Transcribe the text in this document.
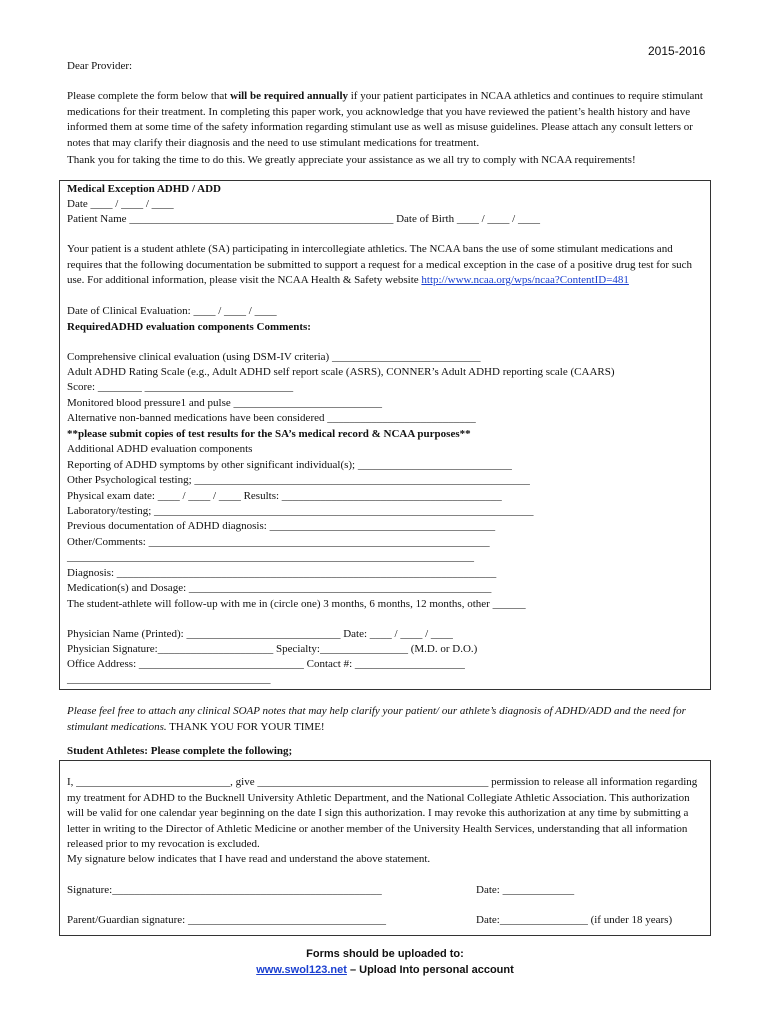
2015-2016
Dear Provider:
Please complete the form below that will be required annually if your patient participates in NCAA athletics and continues to require stimulant medications for their treatment. In completing this paper work, you acknowledge that you have reviewed the patient’s health history and have informed them at some time of the safety information regarding stimulant use as well as misuse guidelines. Please attach any consult letters or notes that may clarify their diagnosis and the need to use stimulant medications for treatment.
Thank you for taking the time to do this. We greatly appreciate your assistance as we all try to comply with NCAA requirements!
Medical Exception ADHD / ADD
Date ____ / ____ / ____
Patient Name ________________________________________________ Date of Birth ____ / ____ / ____
Your patient is a student athlete (SA) participating in intercollegiate athletics. The NCAA bans the use of some stimulant medications and requires that the following documentation be submitted to support a request for a medical exception in the case of a positive drug test for such use. For additional information, please visit the NCAA Health & Safety website http://www.ncaa.org/wps/ncaa?ContentID=481
Date of Clinical Evaluation: ____ / ____ / ____
RequiredADHD evaluation components Comments:
Comprehensive clinical evaluation (using DSM-IV criteria) ___________________________
Adult ADHD Rating Scale (e.g., Adult ADHD self report scale (ASRS), CONNER’s Adult ADHD reporting scale (CAARS)
Score: ________ ___________________________
Monitored blood pressure1 and pulse ___________________________
Alternative non-banned medications have been considered ___________________________
**please submit copies of test results for the SA’s medical record & NCAA purposes**
Additional ADHD evaluation components
Reporting of ADHD symptoms by other significant individual(s); ____________________________
Other Psychological testing; _____________________________________________________________
Physical exam date: ____ / ____ / ____ Results: ________________________________________
Laboratory/testing; _____________________________________________________________________
Previous documentation of ADHD diagnosis: _________________________________________
Other/Comments: ______________________________________________________________
__________________________________________________________________________
Diagnosis: _____________________________________________________________________
Medication(s) and Dosage: _______________________________________________________
The student-athlete will follow-up with me in (circle one) 3 months, 6 months, 12 months, other ______
Physician Name (Printed): ____________________________ Date: ____ / ____ / ____
Physician Signature:_____________________ Specialty:________________ (M.D. or D.O.)
Office Address: ______________________________ Contact #: ____________________
_____________________________________
Please feel free to attach any clinical SOAP notes that may help clarify your patient/ our athlete’s diagnosis of ADHD/ADD and the need for stimulant medications. THANK YOU FOR YOUR TIME!
Student Athletes: Please complete the following;
I, ____________________________, give __________________________________________ permission to release all information regarding my treatment for ADHD to the Bucknell University Athletic Department, and the National Collegiate Athletic Association. This authorization will be valid for one calendar year beginning on the date I sign this authorization. I may revoke this authorization at any time by submitting a letter in writing to the Director of Athletic Medicine or another member of the University Health Services, understanding that all information released prior to my revocation is excluded.
My signature below indicates that I have read and understand the above statement.
Signature:_________________________________________________	Date: _____________
Parent/Guardian signature: ____________________________________	Date:________________ (if under 18 years)
Forms should be uploaded to:
www.swol123.net – Upload Into personal account
